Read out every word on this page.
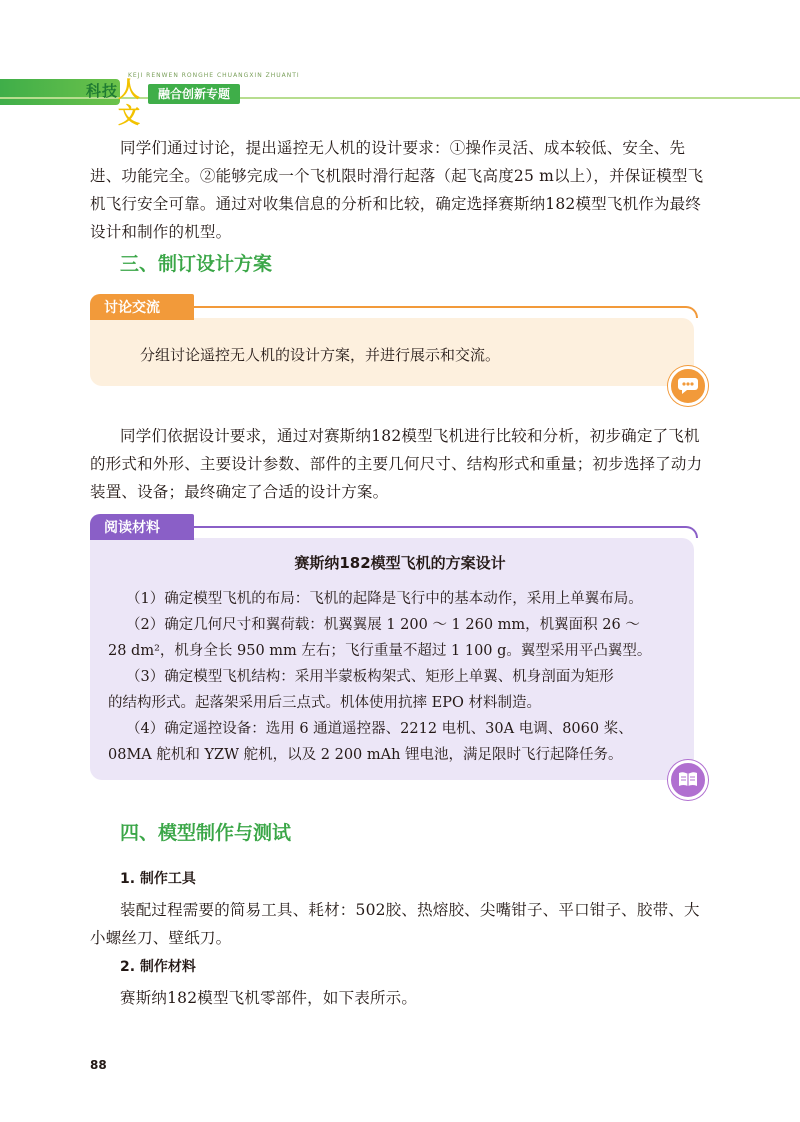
科技 人文
KEJI RENWEN RONGHE CHUANGXIN ZHUANTI
融合创新专题

同学们通过讨论，提出遥控无人机的设计要求：①操作灵活、成本较低、安全、先

进、功能完全。②能够完成一个飞机限时滑行起落（起飞高度25 m以上），并保证模型飞

机飞行安全可靠。通过对收集信息的分析和比较，确定选择赛斯纳182模型飞机作为最终

设计和制作的机型。

三、制订设计方案
讨论交流

分组讨论遥控无人机的设计方案，并进行展示和交流。

同学们依据设计要求，通过对赛斯纳182模型飞机进行比较和分析，初步确定了飞机

的形式和外形、主要设计参数、部件的主要几何尺寸、结构形式和重量；初步选择了动力

装置、设备；最终确定了合适的设计方案。

阅读材料

赛斯纳182模型飞机的方案设计

（1）确定模型飞机的布局：飞机的起降是飞行中的基本动作，采用上单翼布局。

（2）确定几何尺寸和翼荷载：机翼翼展 1 200 ～ 1 260 mm，机翼面积 26 ～

28 dm²，机身全长 950 mm 左右；飞行重量不超过 1 100 g。翼型采用平凸翼型。

（3）确定模型飞机结构：采用半蒙板构架式、矩形上单翼、机身剖面为矩形

的结构形式。起落架采用后三点式。机体使用抗摔 EPO 材料制造。

（4）确定遥控设备：选用 6 通道遥控器、2212 电机、30A 电调、8060 桨、

08MA 舵机和 YZW 舵机，以及 2 200 mAh 锂电池，满足限时飞行起降任务。

四、模型制作与测试
1. 制作工具

装配过程需要的简易工具、耗材：502胶、热熔胶、尖嘴钳子、平口钳子、胶带、大

小螺丝刀、壁纸刀。

2. 制作材料

赛斯纳182模型飞机零部件，如下表所示。

88
